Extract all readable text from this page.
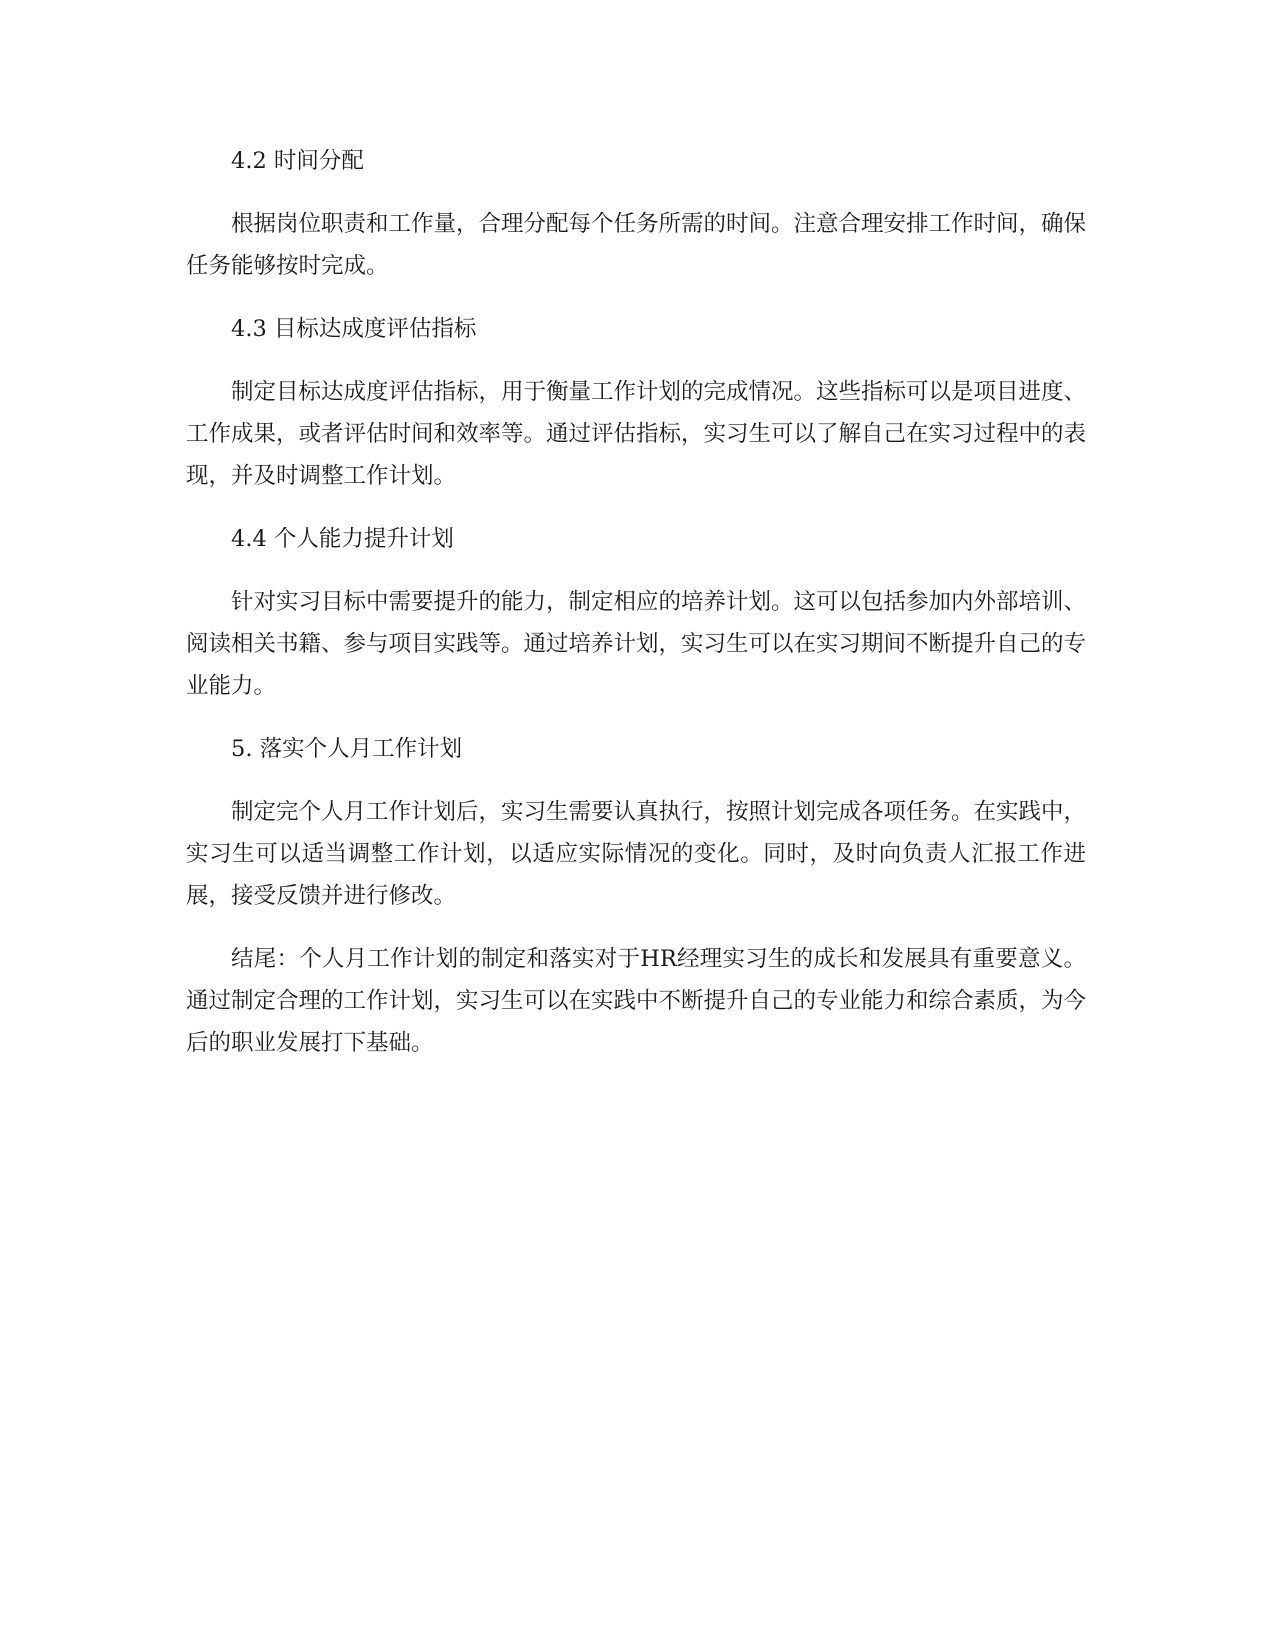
4.2 时间分配

根据岗位职责和工作量，合理分配每个任务所需的时间。注意合理安排工作时间，确保任务能够按时完成。

4.3 目标达成度评估指标

制定目标达成度评估指标，用于衡量工作计划的完成情况。这些指标可以是项目进度、工作成果，或者评估时间和效率等。通过评估指标，实习生可以了解自己在实习过程中的表现，并及时调整工作计划。

4.4 个人能力提升计划

针对实习目标中需要提升的能力，制定相应的培养计划。这可以包括参加内外部培训、阅读相关书籍、参与项目实践等。通过培养计划，实习生可以在实习期间不断提升自己的专业能力。

5. 落实个人月工作计划

制定完个人月工作计划后，实习生需要认真执行，按照计划完成各项任务。在实践中，实习生可以适当调整工作计划，以适应实际情况的变化。同时，及时向负责人汇报工作进展，接受反馈并进行修改。

结尾：个人月工作计划的制定和落实对于HR经理实习生的成长和发展具有重要意义。通过制定合理的工作计划，实习生可以在实践中不断提升自己的专业能力和综合素质，为今后的职业发展打下基础。
